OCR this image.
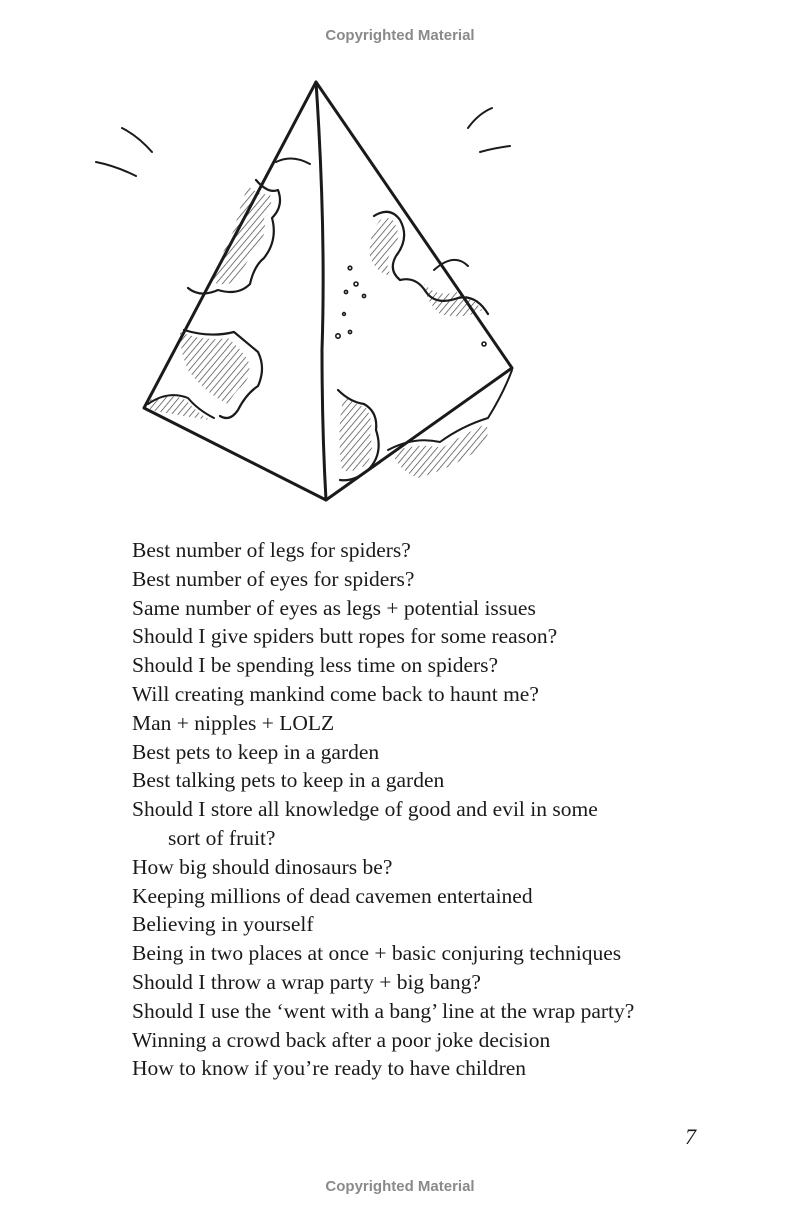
Copyrighted Material
Best number of legs for spiders?
Best number of eyes for spiders?
Same number of eyes as legs + potential issues
Should I give spiders butt ropes for some reason?
Should I be spending less time on spiders?
Will creating mankind come back to haunt me?
Man + nipples + LOLZ
Best pets to keep in a garden
Best talking pets to keep in a garden
Should I store all knowledge of good and evil in some
sort of fruit?
How big should dinosaurs be?
Keeping millions of dead cavemen entertained
Believing in yourself
Being in two places at once + basic conjuring techniques
Should I throw a wrap party + big bang?
Should I use the ‘went with a bang’ line at the wrap party?
Winning a crowd back after a poor joke decision
How to know if you’re ready to have children
7
Copyrighted Material
